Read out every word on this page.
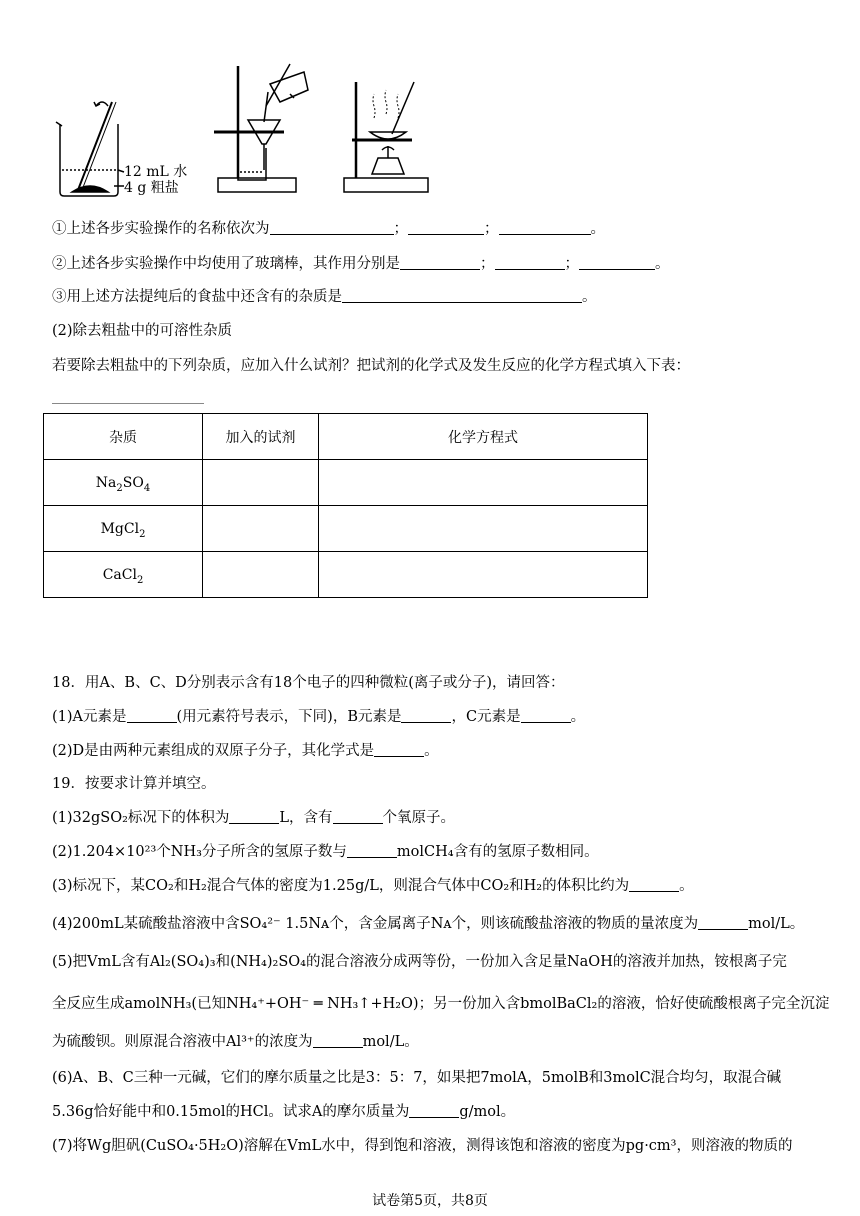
12 mL 水
4 g 粗盐
①上述各步实验操作的名称依次为	；	；	。
②上述各步实验操作中均使用了玻璃棒，其作用分别是	；	；	。
③用上述方法提纯后的食盐中还含有的杂质是	。
(2)除去粗盐中的可溶性杂质
若要除去粗盐中的下列杂质，应加入什么试剂？把试剂的化学式及发生反应的化学方程式填入下表：
杂质	加入的试剂	化学方程式
$Na_2SO_4$		
MgCl$_2$		
CaCl$_2$		
18．用A、B、C、D分别表示含有18个电子的四种微粒(离子或分子)，请回答：
(1)A元素是	(用元素符号表示，下同)，B元素是	，C元素是	。
(2)D是由两种元素组成的双原子分子，其化学式是	。
19．按要求计算并填空。
(1)32gSO₂标况下的体积为	L，含有	个氧原子。
(2)1.204×10²³个NH₃分子所含的氢原子数与	molCH₄含有的氢原子数相同。
(3)标况下，某CO₂和H₂混合气体的密度为1.25g/L，则混合气体中CO₂和H₂的体积比约为	。
(4)200mL某硫酸盐溶液中含SO₄²⁻ 1.5Nᴀ个，含金属离子Nᴀ个，则该硫酸盐溶液的物质的量浓度为	mol/L。
(5)把VmL含有Al₂(SO₄)₃和(NH₄)₂SO₄的混合溶液分成两等份，一份加入含足量NaOH的溶液并加热，铵根离子完
全反应生成amolNH₃(已知NH₄⁺+OH⁻ ═ NH₃↑+H₂O)；另一份加入含bmolBaCl₂的溶液，恰好使硫酸根离子完全沉淀
为硫酸钡。则原混合溶液中Al³⁺的浓度为	mol/L。
(6)A、B、C三种一元碱，它们的摩尔质量之比是3：5：7，如果把7molA，5molB和3molC混合均匀，取混合碱
5.36g恰好能中和0.15mol的HCl。试求A的摩尔质量为	g/mol。
(7)将Wg胆矾(CuSO₄·5H₂O)溶解在VmL水中，得到饱和溶液，测得该饱和溶液的密度为pg·cm³，则溶液的物质的
试卷第5页，共8页
